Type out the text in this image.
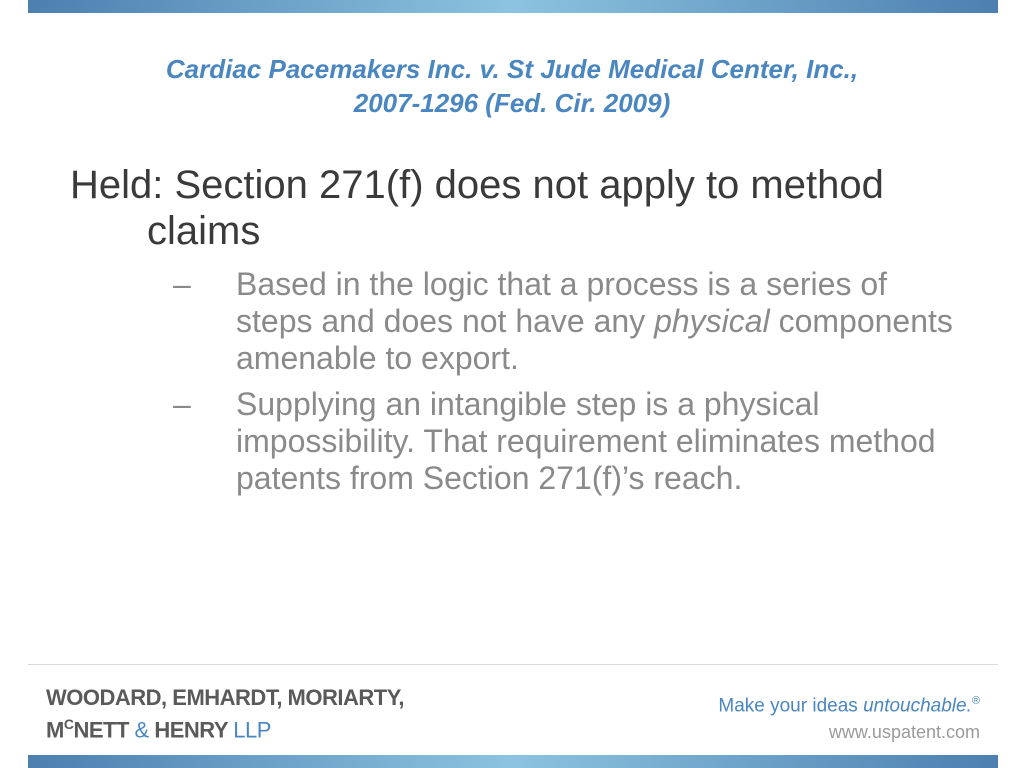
Cardiac Pacemakers Inc. v. St Jude Medical Center, Inc.,
2007-1296 (Fed. Cir. 2009)
Held: Section 271(f) does not apply to method claims
– Based in the logic that a process is a series of steps and does not have any physical components amenable to export.
– Supplying an intangible step is a physical impossibility. That requirement eliminates method patents from Section 271(f)’s reach.
WOODARD, EMHARDT, MORIARTY,
$M^CNETT$ & HENRY LLP
Make your ideas untouchable.®
www.uspatent.com
